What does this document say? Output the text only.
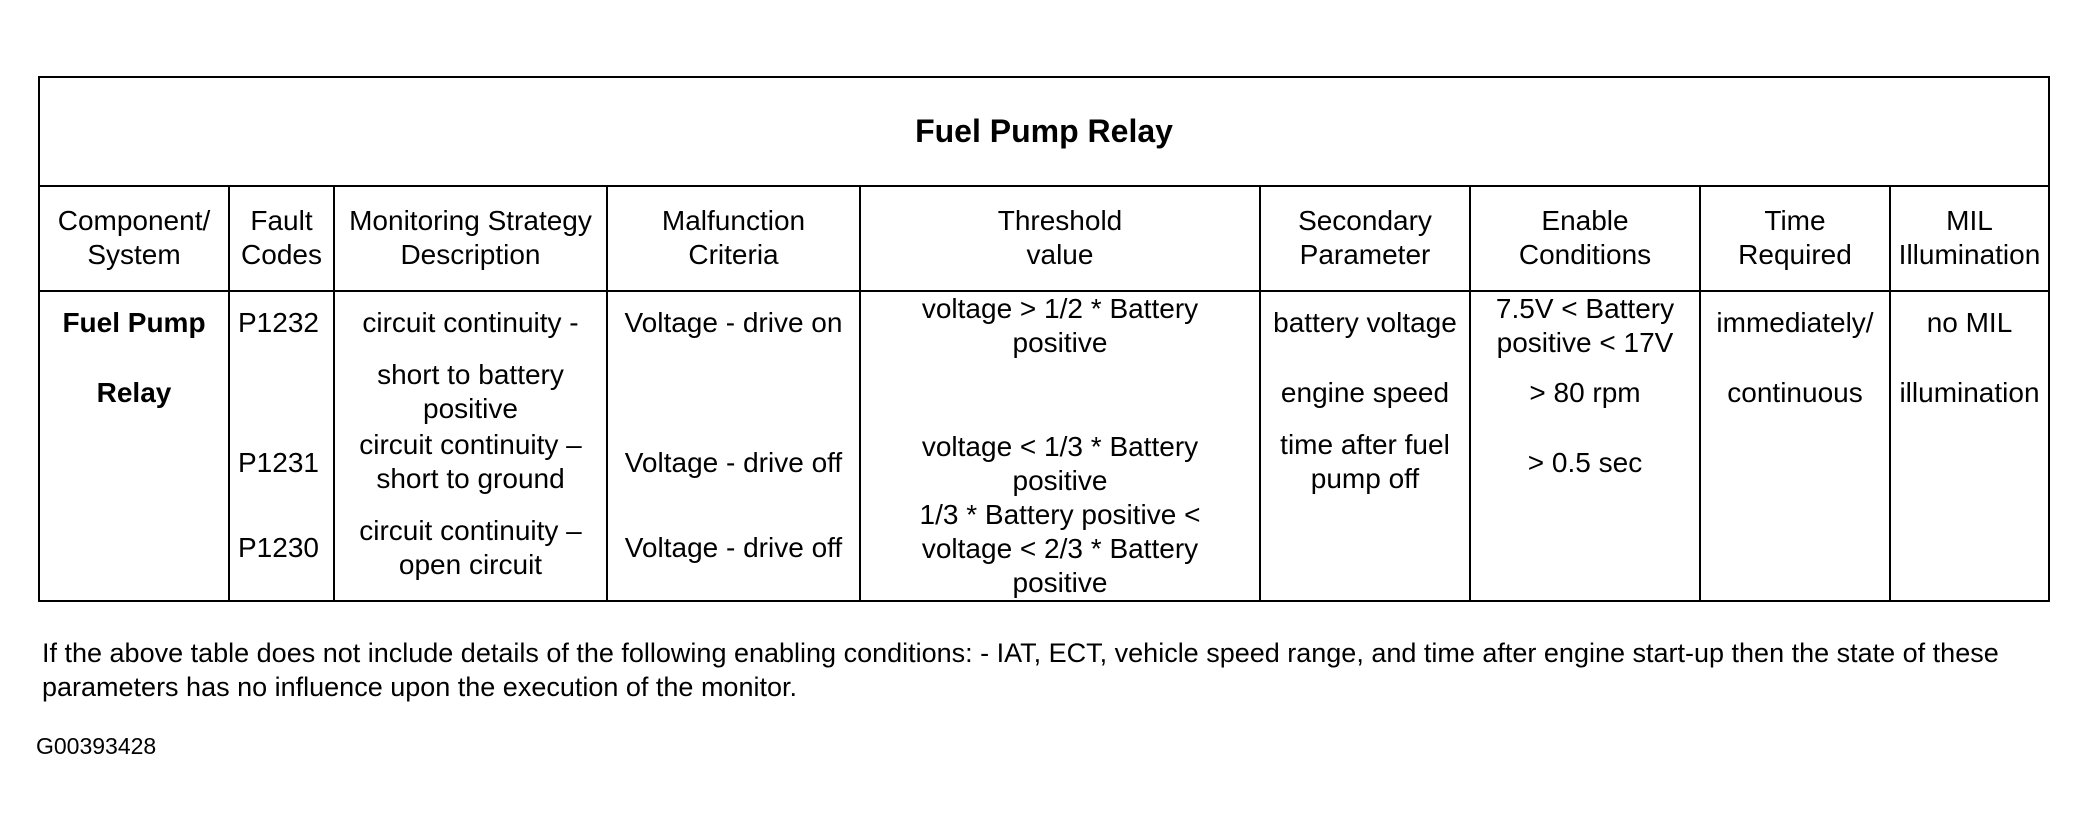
Fuel Pump Relay
Component/
System
Fuel Pump
Relay
Fault
Codes
P1232
P1231
P1230
Monitoring Strategy
Description
circuit continuity -
short to battery
positive
circuit continuity –
short to ground
circuit continuity –
open circuit
Malfunction
Criteria
Voltage - drive on
Voltage - drive off
Voltage - drive off
Threshold
value
voltage > 1/2 * Battery
positive
voltage < 1/3 * Battery
positive
1/3 * Battery positive <
voltage < 2/3 * Battery
positive
Secondary
Parameter
battery voltage
engine speed
time after fuel
pump off
Enable
Conditions
7.5V < Battery
positive < 17V
> 80 rpm
> 0.5 sec
Time
Required
immediately/
continuous
MIL
Illumination
no MIL
illumination
If the above table does not include details of the following enabling conditions: - IAT, ECT, vehicle speed range, and time after engine start-up then the state of these parameters has no influence upon the execution of the monitor.
G00393428
